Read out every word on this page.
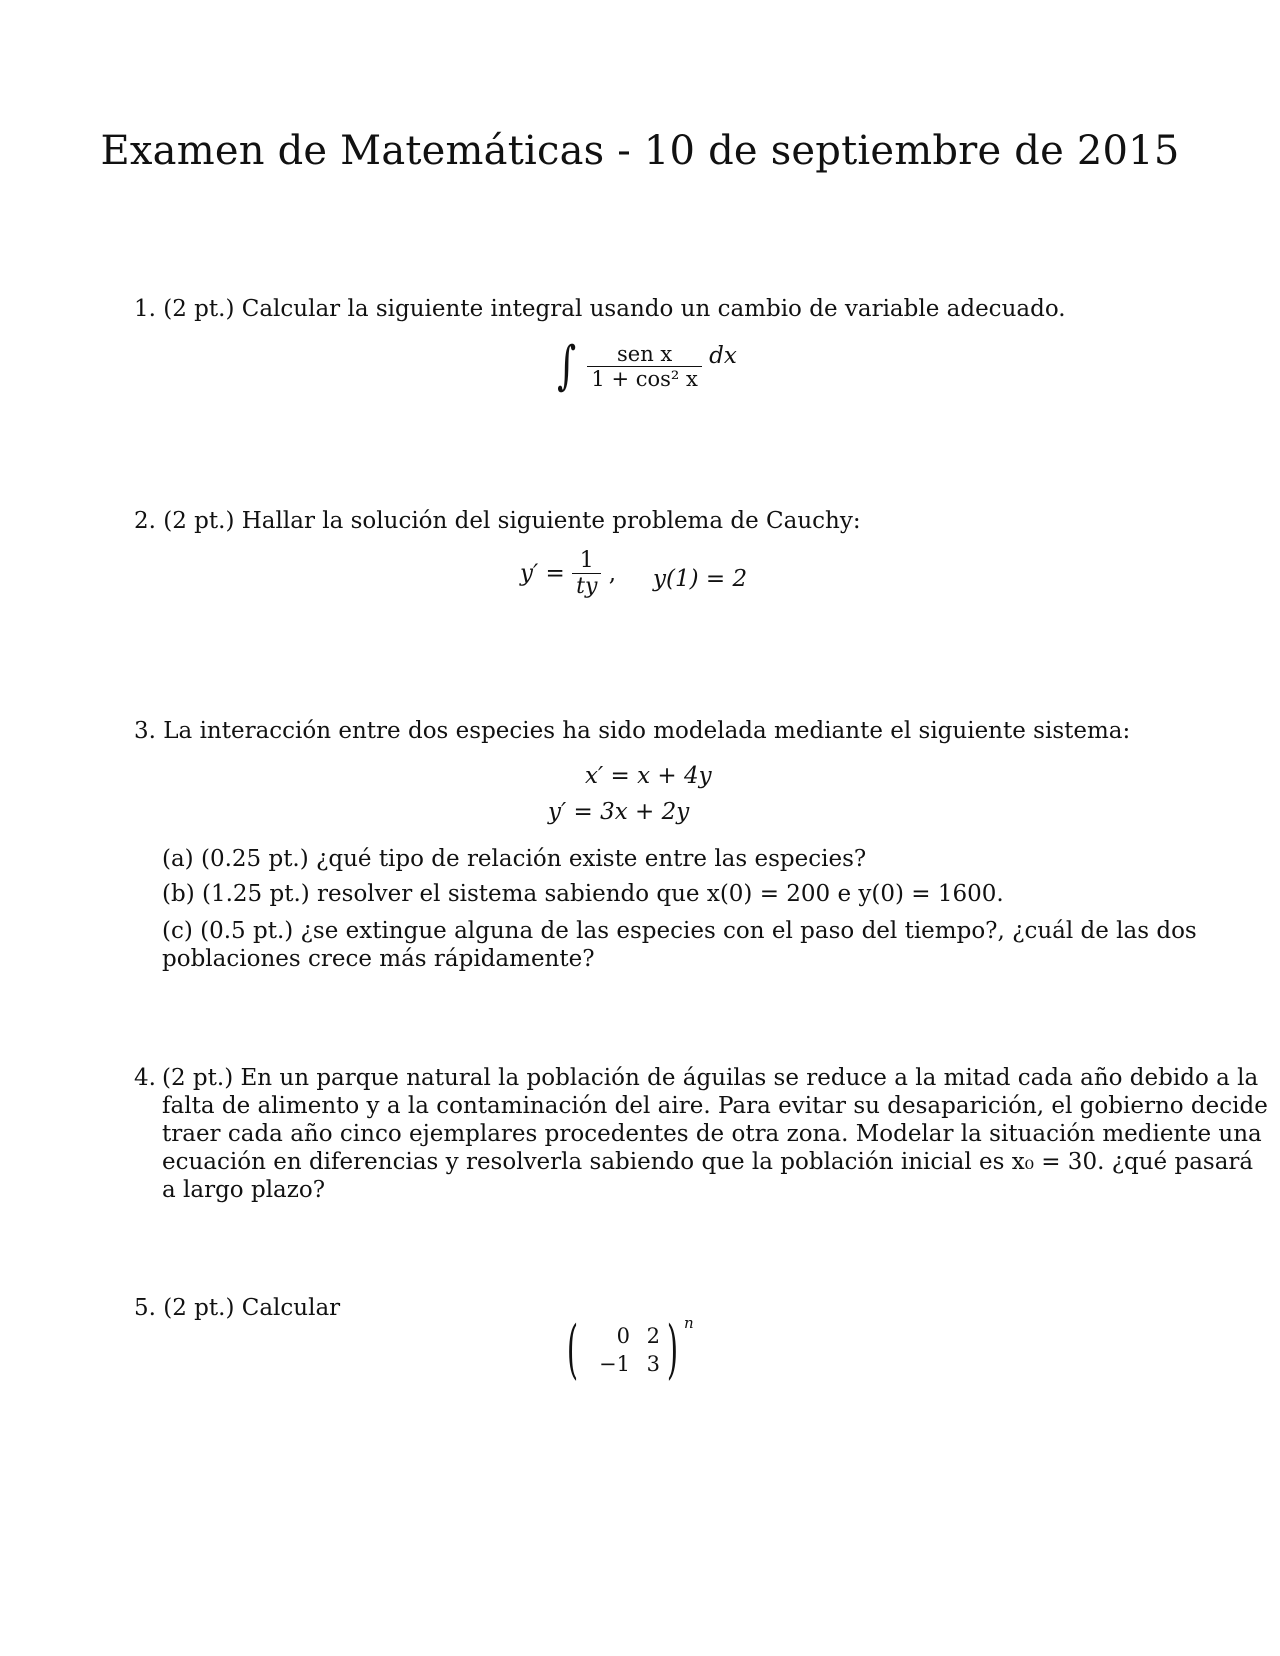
Examen de Matemáticas - 10 de septiembre de 2015
1. (2 pt.) Calcular la siguiente integral usando un cambio de variable adecuado.
∫ $\frac{\text{sen x}}{\text{1 + cos² x}}$ dx
2. (2 pt.) Hallar la solución del siguiente problema de Cauchy:
$y' = \frac{1}{ty}$ , y(1) = 2
3. La interacción entre dos especies ha sido modelada mediante el siguiente sistema:
x′ = x + 4y
y′ = 3x + 2y
(a) (0.25 pt.) ¿qué tipo de relación existe entre las especies?
(b) (1.25 pt.) resolver el sistema sabiendo que x(0) = 200 e y(0) = 1600.
(c) (0.5 pt.) ¿se extingue alguna de las especies con el paso del tiempo?, ¿cuál de las dos
poblaciones crece más rápidamente?
4. (2 pt.) En un parque natural la población de águilas se reduce a la mitad cada año debido a la
falta de alimento y a la contaminación del aire. Para evitar su desaparición, el gobierno decide
traer cada año cinco ejemplares procedentes de otra zona. Modelar la situación mediente una
ecuación en diferencias y resolverla sabiendo que la población inicial es x₀ = 30. ¿qué pasará
a largo plazo?
5. (2 pt.) Calcular
( ) n
0 2
−1 3
